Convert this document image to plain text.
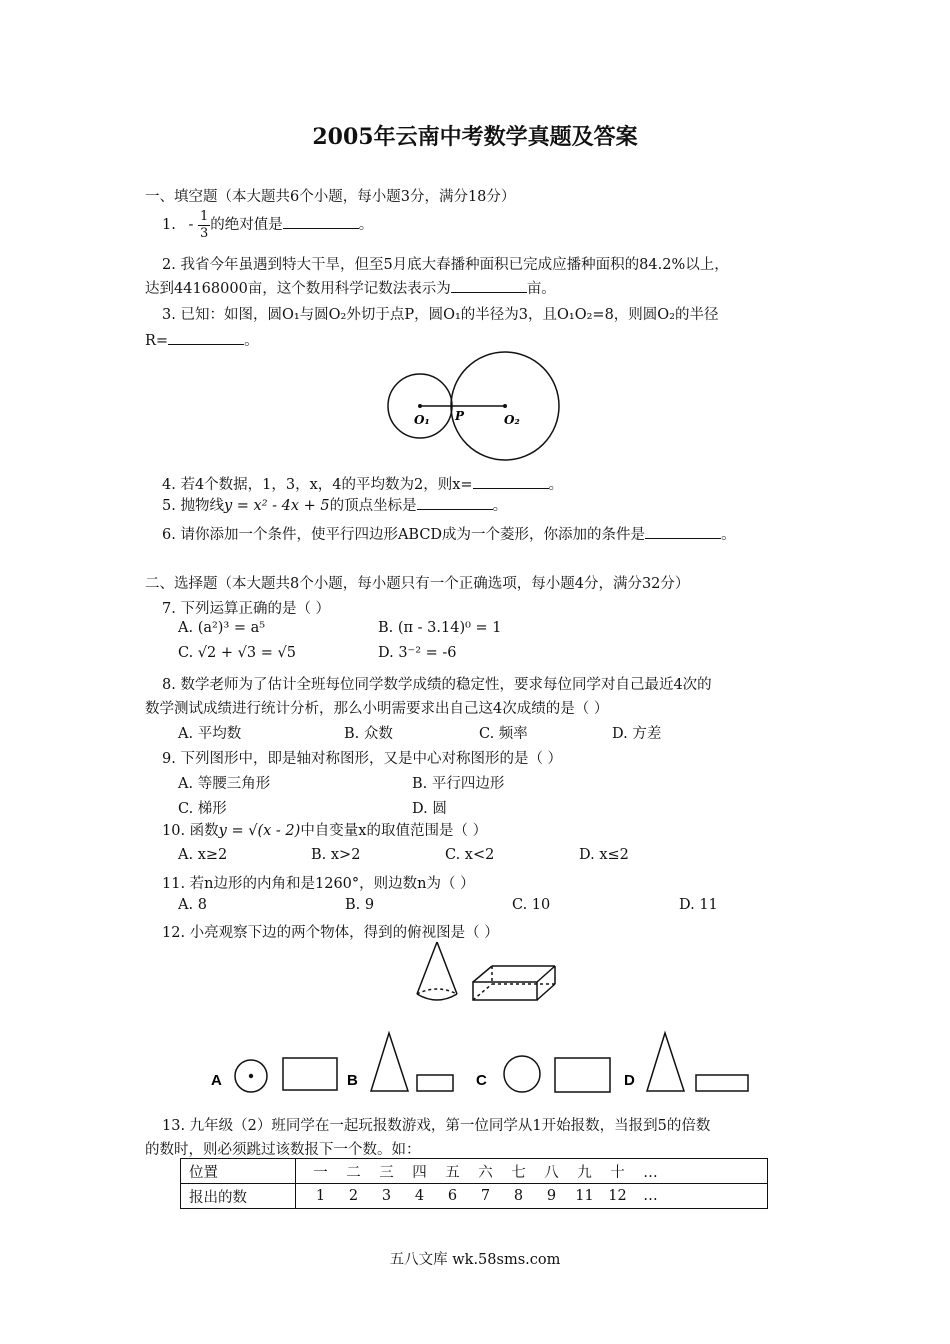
2005年云南中考数学真题及答案
一、填空题（本大题共6个小题，每小题3分，满分18分）
1. - $\frac{1}{3}$ 的绝对值是	。
2. 我省今年虽遇到特大干旱，但至5月底大春播种面积已完成应播种面积的84.2%以上，
达到44168000亩，这个数用科学记数法表示为	亩。
3. 已知：如图，圆O₁与圆O₂外切于点P，圆O₁的半径为3，且O₁O₂=8，则圆O₂的半径
R=	。
O₁ P	O₂
4. 若4个数据，1，3，x，4的平均数为2，则x=	。
5. 抛物线y = x² - 4x + 5的顶点坐标是	。
6. 请你添加一个条件，使平行四边形ABCD成为一个菱形，你添加的条件是	。
二、选择题（本大题共8个小题，每小题只有一个正确选项，每小题4分，满分32分）
7. 下列运算正确的是（ ）
A. (a²)³ = a⁵	B. (π - 3.14)⁰ = 1
C. √2 + √3 = √5	D. 3⁻² = -6
8. 数学老师为了估计全班每位同学数学成绩的稳定性，要求每位同学对自己最近4次的
数学测试成绩进行统计分析，那么小明需要求出自己这4次成绩的是（ ）
A. 平均数	B. 众数	C. 频率	D. 方差
9. 下列图形中，即是轴对称图形，又是中心对称图形的是（ ）
A. 等腰三角形	B. 平行四边形
C. 梯形	D. 圆
10. 函数y = √(x - 2)中自变量x的取值范围是（ ）
A. x≥2	B. x>2	C. x<2	D. x≤2
11. 若n边形的内角和是1260°，则边数n为（ ）
A. 8	B. 9	C. 10	D. 11
12. 小亮观察下边的两个物体，得到的俯视图是（ ）
A	B	C	D
13. 九年级（2）班同学在一起玩报数游戏，第一位同学从1开始报数，当报到5的倍数
的数时，则必须跳过该数报下一个数。如：
位置	一 二 三 四 五 六 七 八 九 十 …
报出的数	1 2 3 4 6 7 8 9 11 12 …
五八文库 wk.58sms.com
